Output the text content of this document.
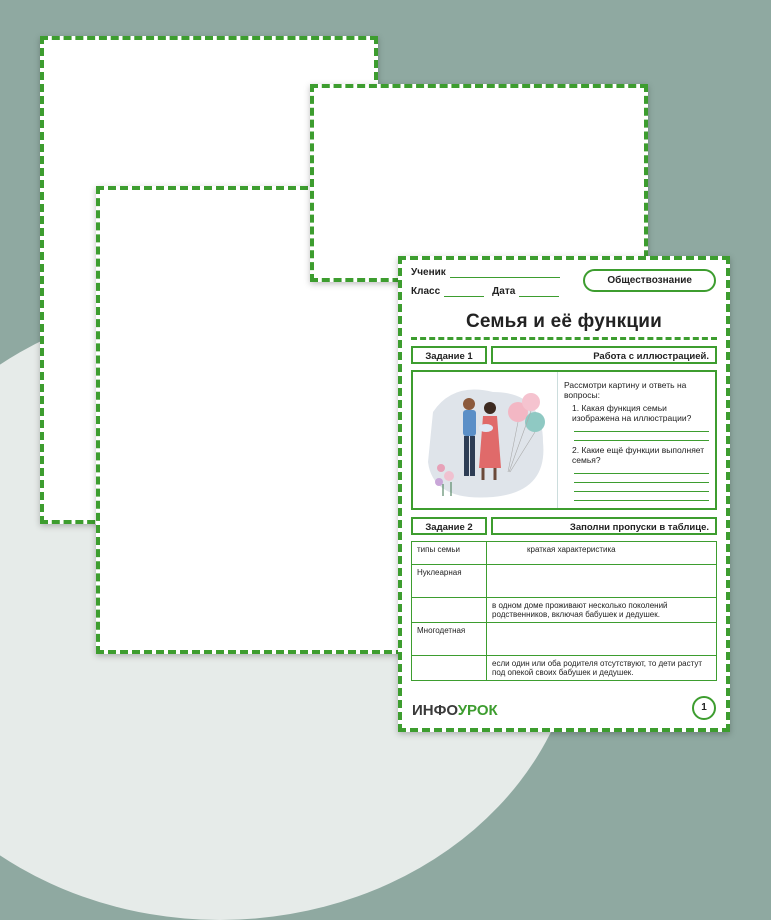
Ученик
Класс	Дата
Обществознание
Семья и её функции
Задание 1	Работа с иллюстрацией.
Рассмотри картину и ответь на вопросы:
1. Какая функция семьи изображена на иллюстрации?
2. Какие ещё функции выполняет семья?
Задание 2	Заполни пропуски в таблице.
типы семьи	краткая характеристика
Нуклеарная	
	в одном доме проживают несколько поколений родственников, включая бабушек и дедушек.
Многодетная	
	если один или оба родителя отсутствуют, то дети растут под опекой своих бабушек и дедушек.
ИНФОУРОК	1
